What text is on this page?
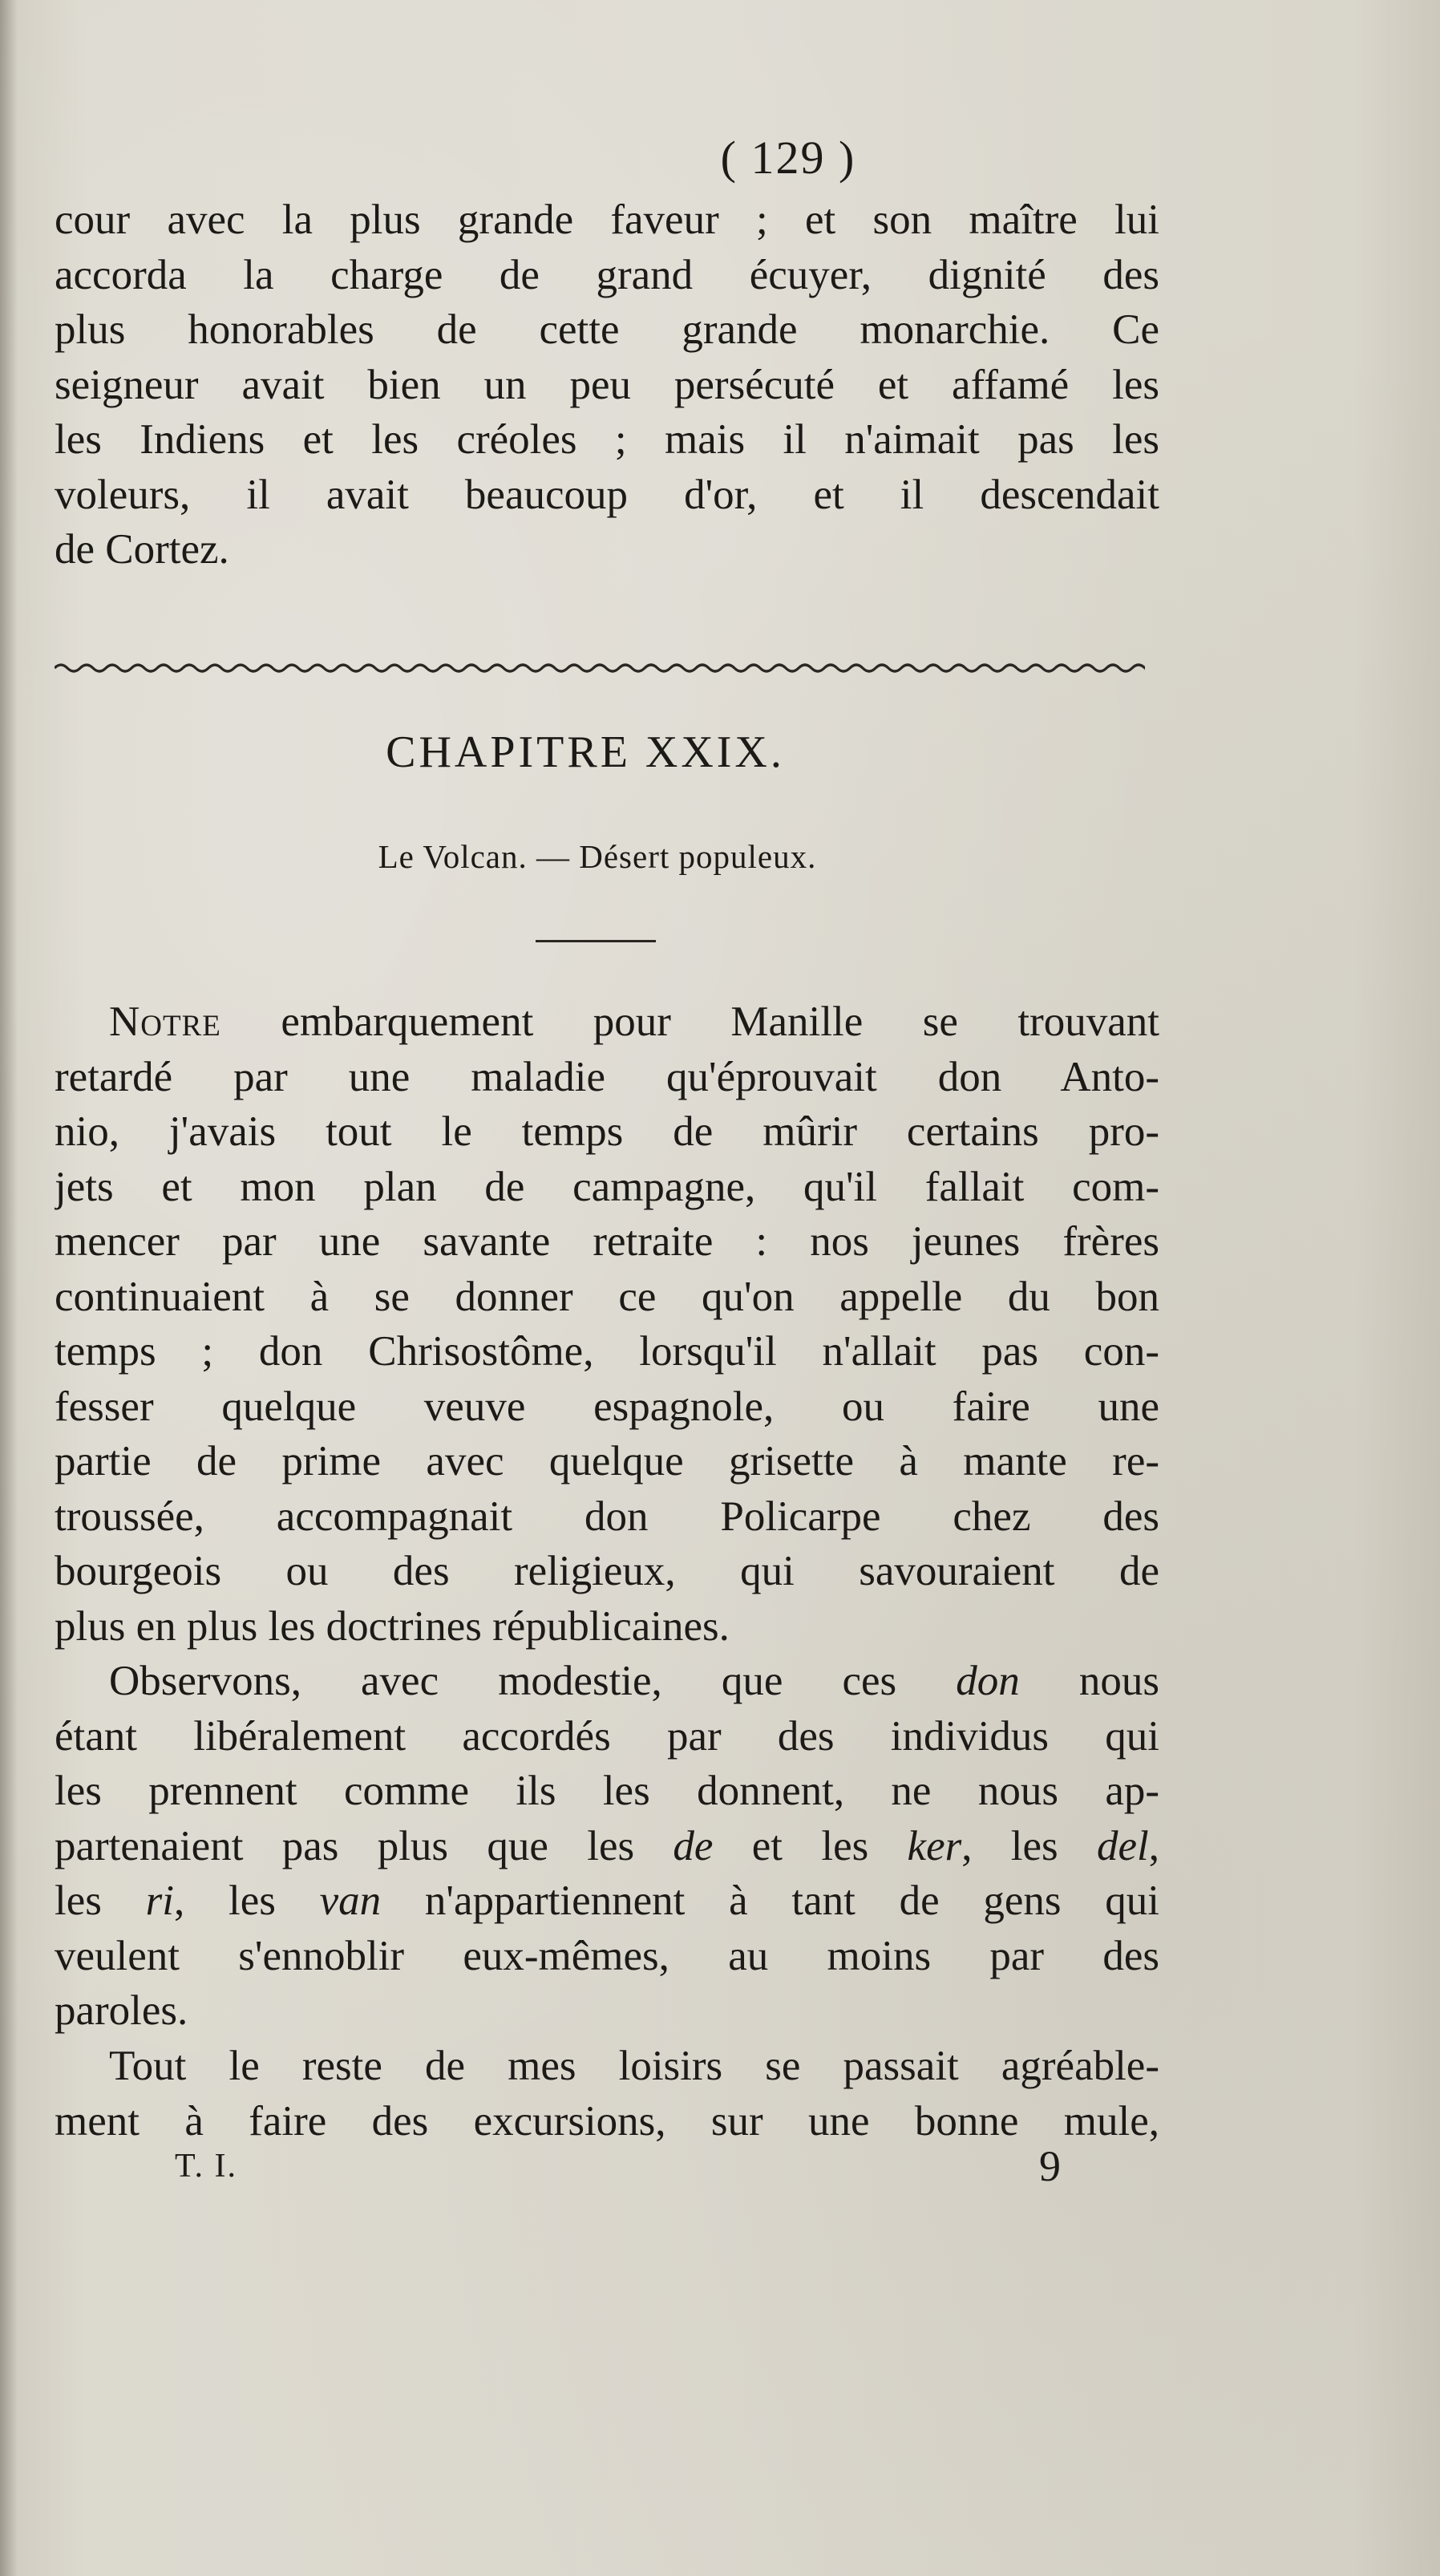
( 129 )
cour avec la plus grande faveur ; et son maître lui
accorda la charge de grand écuyer, dignité des
plus honorables de cette grande monarchie. Ce
seigneur avait bien un peu persécuté et affamé les
les Indiens et les créoles ; mais il n'aimait pas les
voleurs, il avait beaucoup d'or, et il descendait
de Cortez.
CHAPITRE XXIX.
Le Volcan. — Désert populeux.
Notre embarquement pour Manille se trouvant
retardé par une maladie qu'éprouvait don Anto-
nio, j'avais tout le temps de mûrir certains pro-
jets et mon plan de campagne, qu'il fallait com-
mencer par une savante retraite : nos jeunes frères
continuaient à se donner ce qu'on appelle du bon
temps ; don Chrisostôme, lorsqu'il n'allait pas con-
fesser quelque veuve espagnole, ou faire une
partie de prime avec quelque grisette à mante re-
troussée, accompagnait don Policarpe chez des
bourgeois ou des religieux, qui savouraient de
plus en plus les doctrines républicaines.
Observons, avec modestie, que ces don nous
étant libéralement accordés par des individus qui
les prennent comme ils les donnent, ne nous ap-
partenaient pas plus que les de et les ker, les del,
les ri, les van n'appartiennent à tant de gens qui
veulent s'ennoblir eux-mêmes, au moins par des
paroles.
Tout le reste de mes loisirs se passait agréable-
ment à faire des excursions, sur une bonne mule,
T. I.	9
